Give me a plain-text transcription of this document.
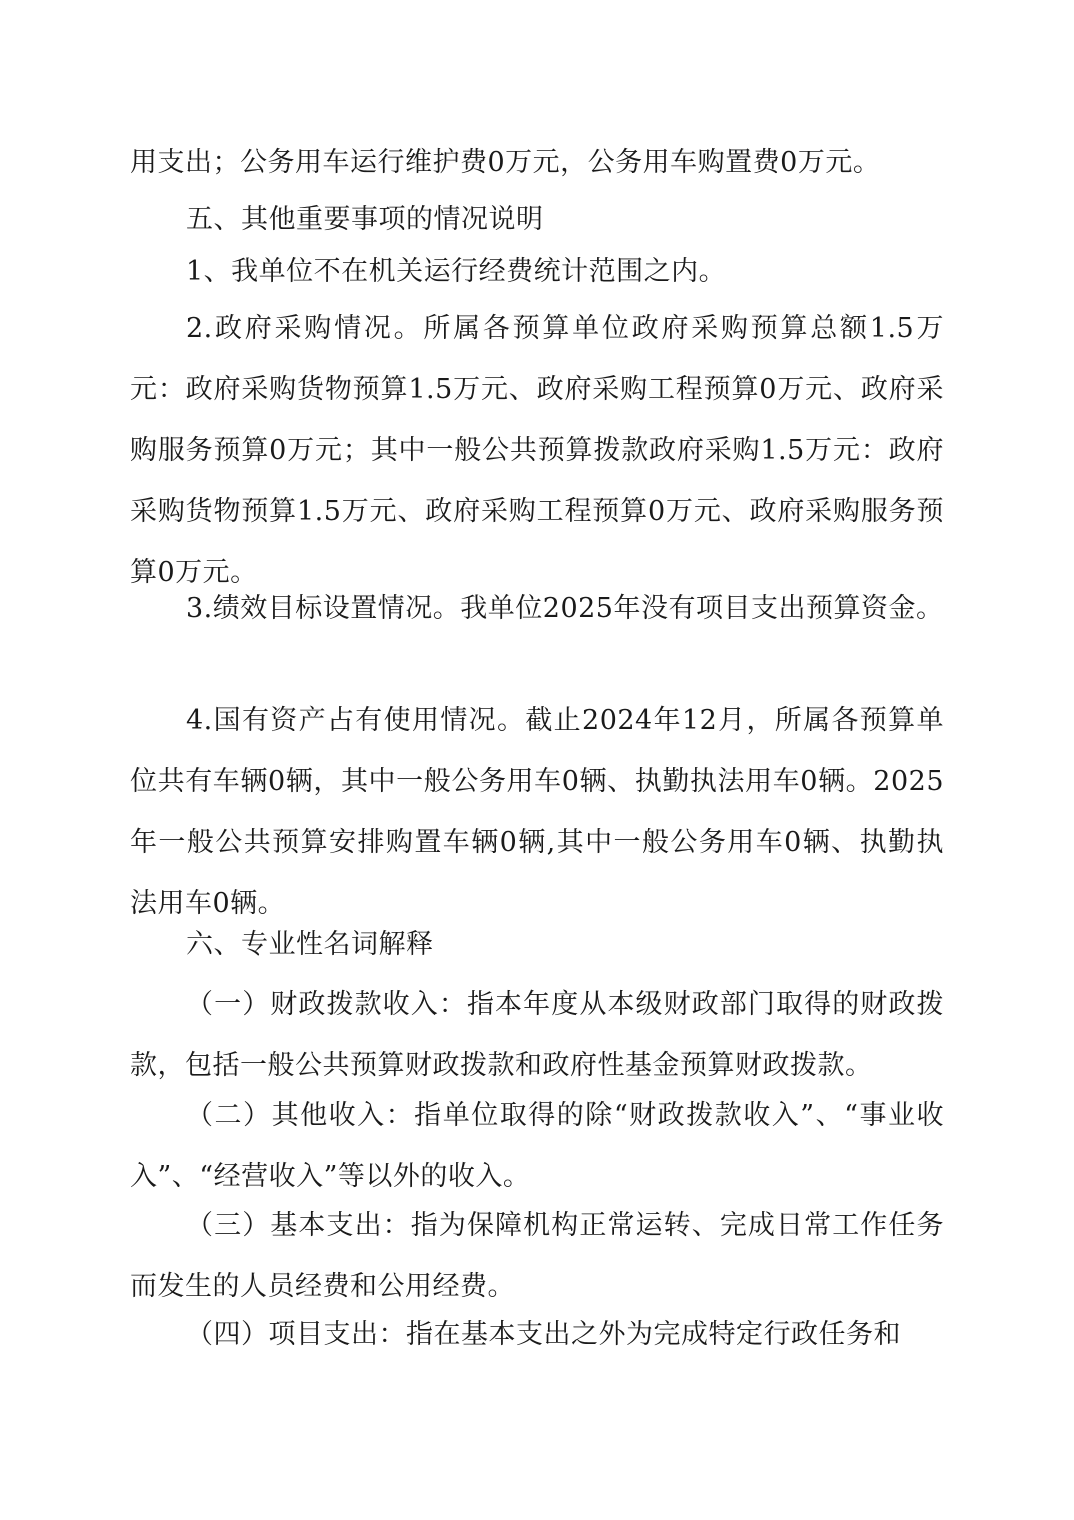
用支出；公务用车运行维护费0万元，公务用车购置费0万元。

五、其他重要事项的情况说明

1、我单位不在机关运行经费统计范围之内。

2.政府采购情况。所属各预算单位政府采购预算总额1.5万元：政府采购货物预算1.5万元、政府采购工程预算0万元、政府采购服务预算0万元；其中一般公共预算拨款政府采购1.5万元：政府采购货物预算1.5万元、政府采购工程预算0万元、政府采购服务预算0万元。

3.绩效目标设置情况。我单位2025年没有项目支出预算资金。

4.国有资产占有使用情况。截止2024年12月，所属各预算单位共有车辆0辆，其中一般公务用车0辆、执勤执法用车0辆。2025年一般公共预算安排购置车辆0辆,其中一般公务用车0辆、执勤执法用车0辆。

六、专业性名词解释

（一）财政拨款收入：指本年度从本级财政部门取得的财政拨款，包括一般公共预算财政拨款和政府性基金预算财政拨款。

（二）其他收入：指单位取得的除“财政拨款收入”、“事业收入”、“经营收入”等以外的收入。

（三）基本支出：指为保障机构正常运转、完成日常工作任务而发生的人员经费和公用经费。

（四）项目支出：指在基本支出之外为完成特定行政任务和
